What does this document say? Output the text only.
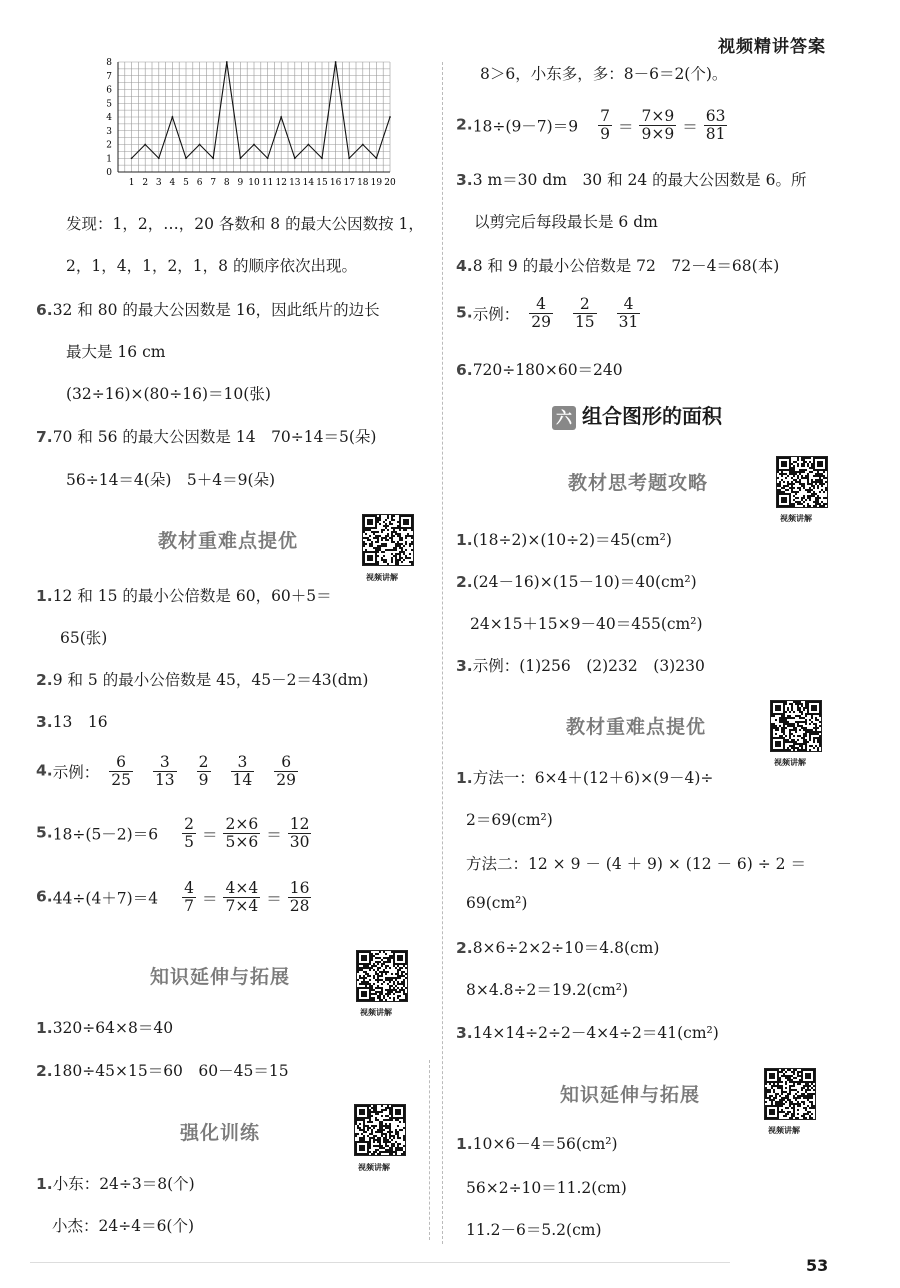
视频精讲答案
0
1
2
3
4
5
6
7
8
1 2 3 4 5 6 7 8 9 10 11 12 13 14 15 16 17 18 19 20
发现：1，2，…，20 各数和 8 的最大公因数按 1，
2，1，4，1，2，1，8 的顺序依次出现。
6.32 和 80 的最大公因数是 16，因此纸片的边长
最大是 16 cm
(32÷16)×(80÷16)＝10(张)
7.70 和 56 的最大公因数是 14　70÷14＝5(朵)
56÷14＝4(朵)　5＋4＝9(朵)
教材重难点提优
视频讲解
1.12 和 15 的最小公倍数是 60，60＋5＝
65(张)
2.9 和 5 的最小公倍数是 45，45－2＝43(dm)
3.13　16
4.示例： $\frac{6}{25} \frac{3}{13} \frac{2}{9} \frac{3}{14} \frac{6}{29}$
$5.18\div(5-2)=6 \frac{2}{5} = \frac{2\times 6}{5\times 6} = \frac{12}{30}$
$6.44\div(4+7)=4 \frac{4}{7} = \frac{4\times 4}{7\times 4} = \frac{16}{28}$
知识延伸与拓展
视频讲解
1.320÷64×8＝40
2.180÷45×15＝60　60－45＝15
强化训练
视频讲解
1.小东：24÷3＝8(个)
小杰：24÷4＝6(个)
8＞6，小东多，多：8－6＝2(个)。
$2.18\div(9-7)=9 \frac{7}{9} = \frac{7\times 9}{9\times 9} = \frac{63}{81}$
3.3 m＝30 dm　30 和 24 的最大公因数是 6。所
以剪完后每段最长是 6 dm
4.8 和 9 的最小公倍数是 72　72－4＝68(本)
5.示例： $\frac{4}{29} \frac{2}{15} \frac{4}{31}$
6.720÷180×60＝240
六 组合图形的面积
教材思考题攻略
视频讲解
1.(18÷2)×(10÷2)＝45(cm²)
2.(24－16)×(15－10)＝40(cm²)
24×15＋15×9－40＝455(cm²)
3.示例：(1)256　(2)232　(3)230
教材重难点提优
视频讲解
1.方法一：6×4＋(12＋6)×(9－4)÷
2＝69(cm²)
方法二：12 × 9 － (4 ＋ 9) × (12 － 6) ÷ 2 ＝
69(cm²)
2.8×6÷2×2÷10＝4.8(cm)
8×4.8÷2＝19.2(cm²)
3.14×14÷2÷2－4×4÷2＝41(cm²)
知识延伸与拓展
视频讲解
1.10×6－4＝56(cm²)
56×2÷10＝11.2(cm)
11.2－6＝5.2(cm)
53
